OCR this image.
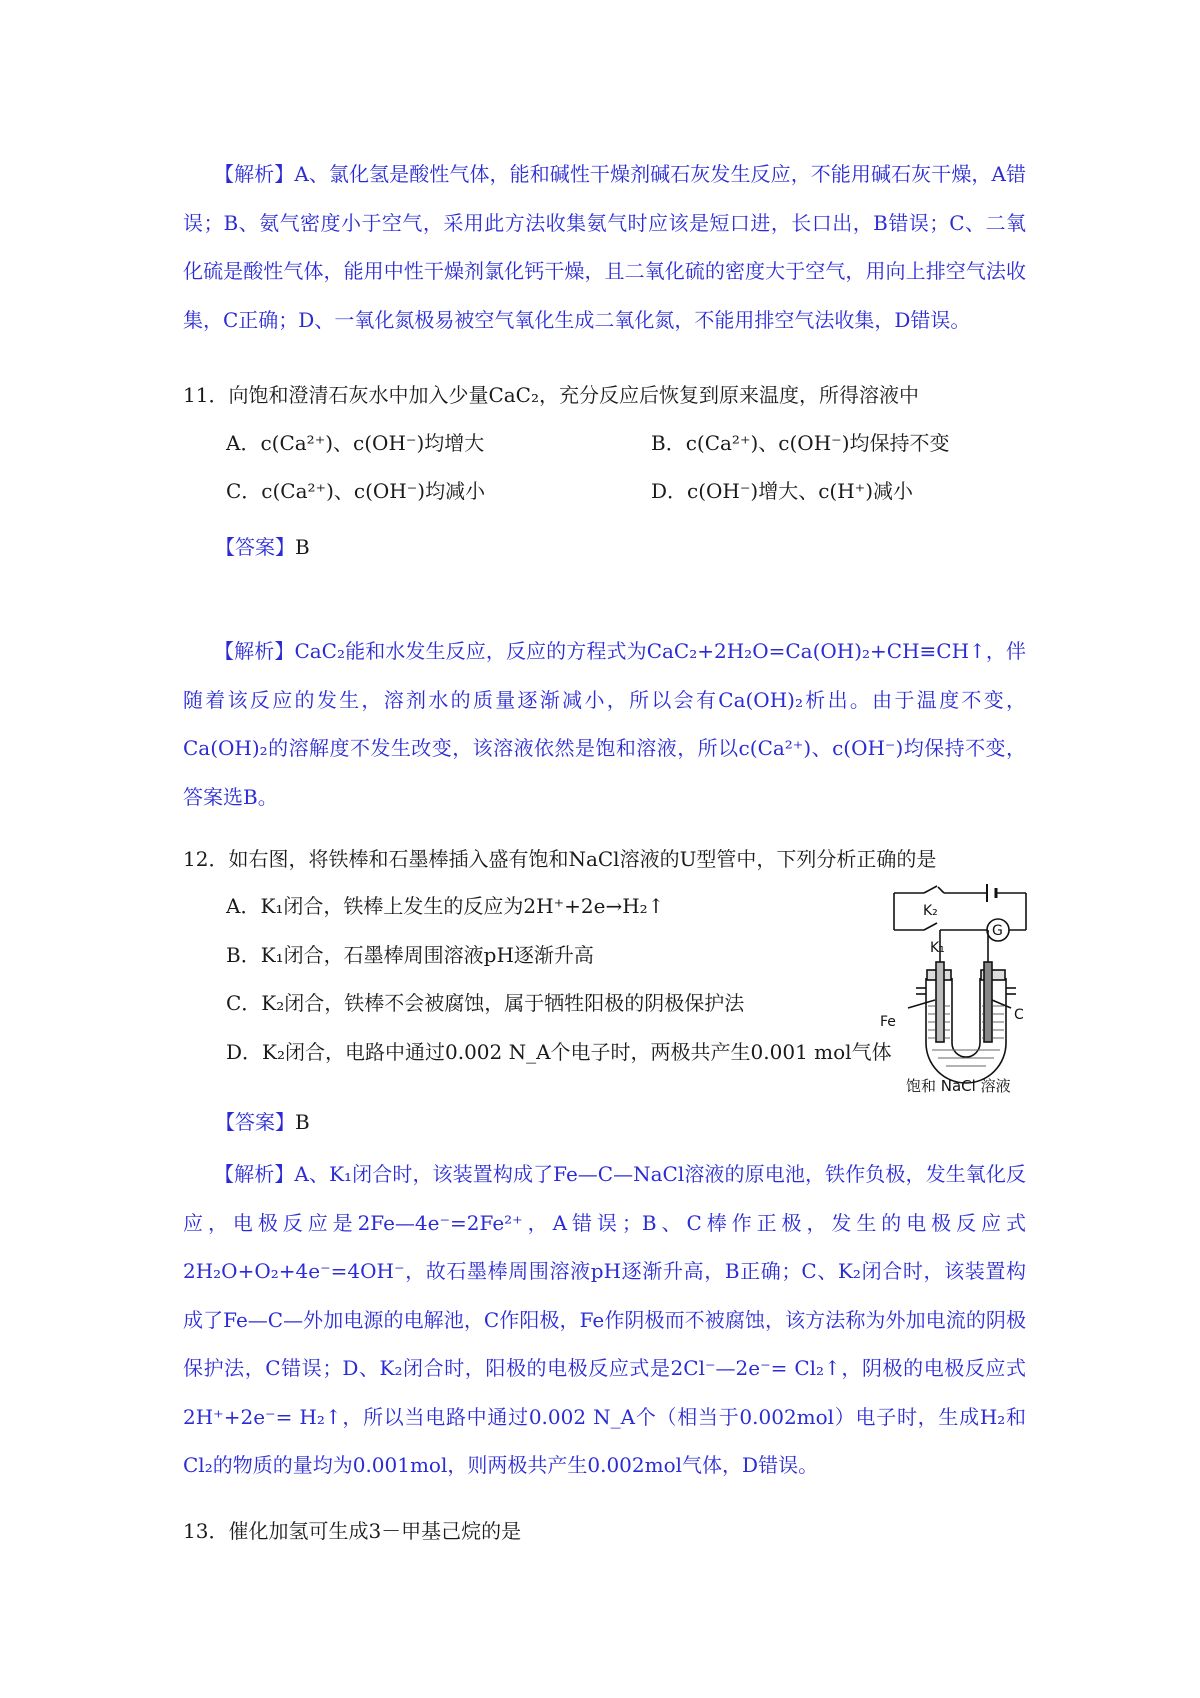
【解析】A、氯化氢是酸性气体，能和碱性干燥剂碱石灰发生反应，不能用碱石灰干燥，A错误；B、氨气密度小于空气，采用此方法收集氨气时应该是短口进，长口出，B错误；C、二氧化硫是酸性气体，能用中性干燥剂氯化钙干燥，且二氧化硫的密度大于空气，用向上排空气法收集，C正确；D、一氧化氮极易被空气氧化生成二氧化氮，不能用排空气法收集，D错误。

11．向饱和澄清石灰水中加入少量CaC₂，充分反应后恢复到原来温度，所得溶液中

A．c(Ca²⁺)、c(OH⁻)均增大	B．c(Ca²⁺)、c(OH⁻)均保持不变

C．c(Ca²⁺)、c(OH⁻)均减小	D．c(OH⁻)增大、c(H⁺)减小

【答案】B

【解析】CaC₂能和水发生反应，反应的方程式为CaC₂+2H₂O=Ca(OH)₂+CH≡CH↑，伴随着该反应的发生，溶剂水的质量逐渐减小，所以会有Ca(OH)₂析出。由于温度不变，Ca(OH)₂的溶解度不发生改变，该溶液依然是饱和溶液，所以c(Ca²⁺)、c(OH⁻)均保持不变，答案选B。

12．如右图，将铁棒和石墨棒插入盛有饱和NaCl溶液的U型管中，下列分析正确的是

A．K₁闭合，铁棒上发生的反应为2H⁺+2e→H₂↑

B．K₁闭合，石墨棒周围溶液pH逐渐升高

C．K₂闭合，铁棒不会被腐蚀，属于牺牲阳极的阴极保护法

D．K₂闭合，电路中通过0.002 N_A个电子时，两极共产生0.001 mol气体

K₂
K₁
G
Fe	C
饱和 NaCl 溶液

【答案】B

【解析】A、K₁闭合时，该装置构成了Fe—C—NaCl溶液的原电池，铁作负极，发生氧化反应，电极反应是2Fe—4e⁻=2Fe²⁺，A错误；B、C棒作正极，发生的电极反应式2H₂O+O₂+4e⁻=4OH⁻，故石墨棒周围溶液pH逐渐升高，B正确；C、K₂闭合时，该装置构成了Fe—C—外加电源的电解池，C作阳极，Fe作阴极而不被腐蚀，该方法称为外加电流的阴极保护法，C错误；D、K₂闭合时，阳极的电极反应式是2Cl⁻—2e⁻= Cl₂↑，阴极的电极反应式2H⁺+2e⁻= H₂↑，所以当电路中通过0.002 N_A个（相当于0.002mol）电子时，生成H₂和Cl₂的物质的量均为0.001mol，则两极共产生0.002mol气体，D错误。

13．催化加氢可生成3－甲基己烷的是
